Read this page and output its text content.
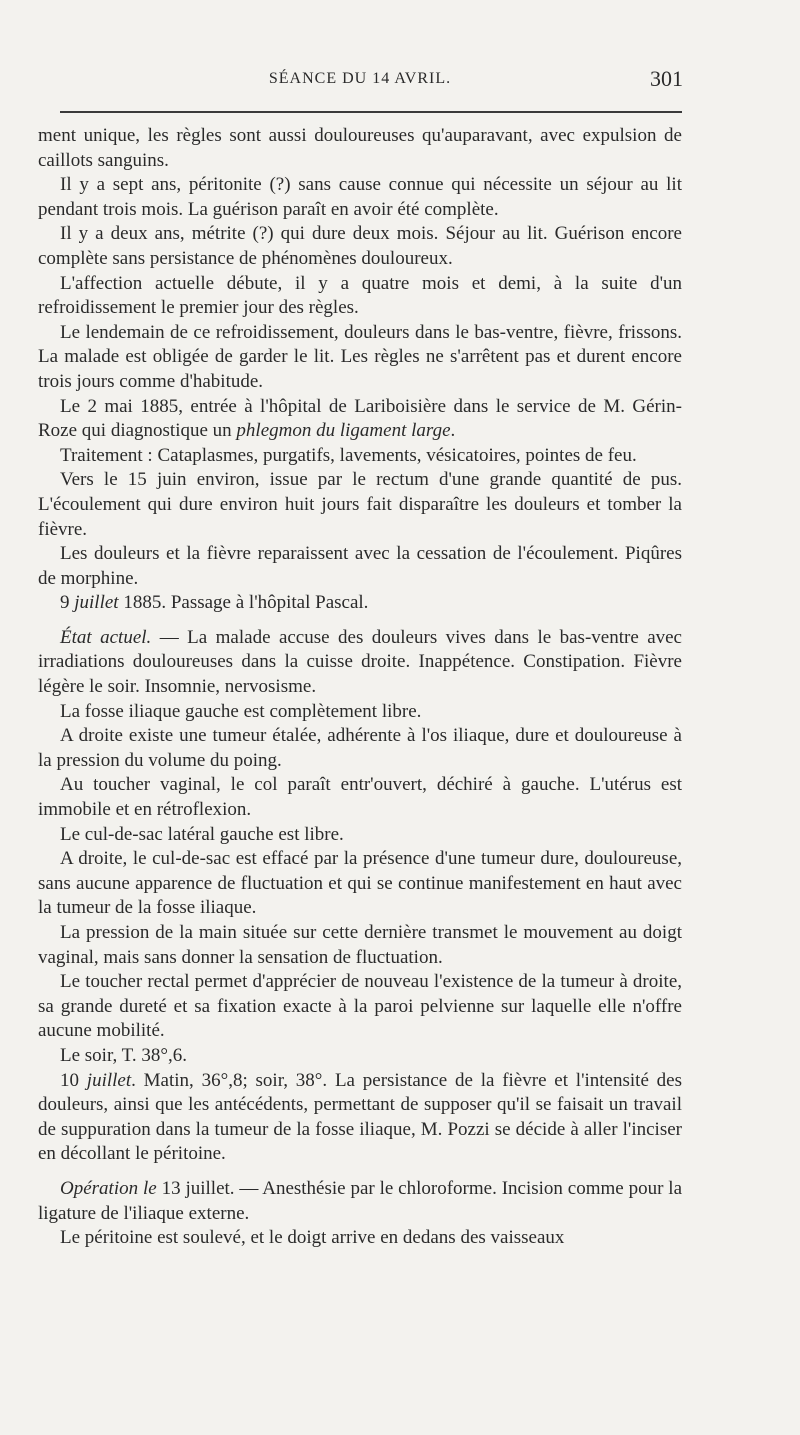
SÉANCE DU 14 AVRIL.	301

ment unique, les règles sont aussi douloureuses qu'auparavant, avec expulsion de caillots sanguins.

Il y a sept ans, péritonite (?) sans cause connue qui nécessite un séjour au lit pendant trois mois. La guérison paraît en avoir été complète.

Il y a deux ans, métrite (?) qui dure deux mois. Séjour au lit. Guérison encore complète sans persistance de phénomènes douloureux.

L'affection actuelle débute, il y a quatre mois et demi, à la suite d'un refroidissement le premier jour des règles.

Le lendemain de ce refroidissement, douleurs dans le bas-ventre, fièvre, frissons. La malade est obligée de garder le lit. Les règles ne s'arrêtent pas et durent encore trois jours comme d'habitude.

Le 2 mai 1885, entrée à l'hôpital de Lariboisière dans le service de M. Gérin-Roze qui diagnostique un phlegmon du ligament large.

Traitement : Cataplasmes, purgatifs, lavements, vésicatoires, pointes de feu.

Vers le 15 juin environ, issue par le rectum d'une grande quantité de pus. L'écoulement qui dure environ huit jours fait disparaître les douleurs et tomber la fièvre.

Les douleurs et la fièvre reparaissent avec la cessation de l'écoulement. Piqûres de morphine.

9 juillet 1885. Passage à l'hôpital Pascal.

État actuel. — La malade accuse des douleurs vives dans le bas-ventre avec irradiations douloureuses dans la cuisse droite. Inappétence. Constipation. Fièvre légère le soir. Insomnie, nervosisme.

La fosse iliaque gauche est complètement libre.

A droite existe une tumeur étalée, adhérente à l'os iliaque, dure et douloureuse à la pression du volume du poing.

Au toucher vaginal, le col paraît entr'ouvert, déchiré à gauche. L'utérus est immobile et en rétroflexion.

Le cul-de-sac latéral gauche est libre.

A droite, le cul-de-sac est effacé par la présence d'une tumeur dure, douloureuse, sans aucune apparence de fluctuation et qui se continue manifestement en haut avec la tumeur de la fosse iliaque.

La pression de la main située sur cette dernière transmet le mouvement au doigt vaginal, mais sans donner la sensation de fluctuation.

Le toucher rectal permet d'apprécier de nouveau l'existence de la tumeur à droite, sa grande dureté et sa fixation exacte à la paroi pelvienne sur laquelle elle n'offre aucune mobilité.

Le soir, T. 38°,6.

10 juillet. Matin, 36°,8; soir, 38°. La persistance de la fièvre et l'intensité des douleurs, ainsi que les antécédents, permettant de supposer qu'il se faisait un travail de suppuration dans la tumeur de la fosse iliaque, M. Pozzi se décide à aller l'inciser en décollant le péritoine.

Opération le 13 juillet. — Anesthésie par le chloroforme. Incision comme pour la ligature de l'iliaque externe.

Le péritoine est soulevé, et le doigt arrive en dedans des vaisseaux
